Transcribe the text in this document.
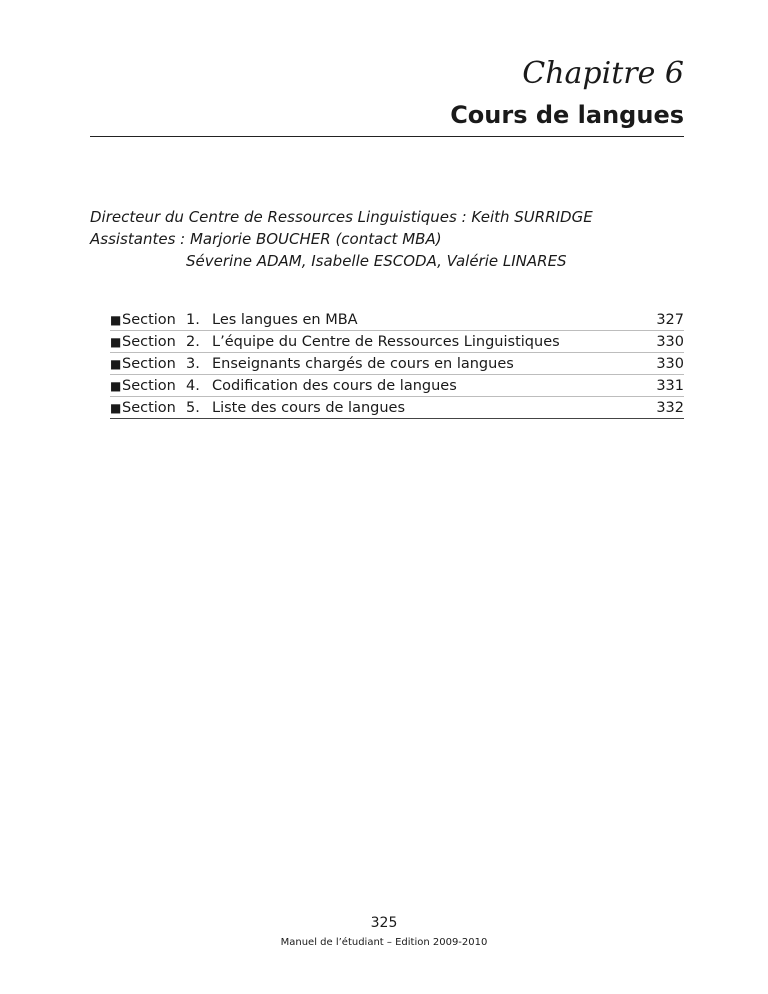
Chapitre 6
Cours de langues
Directeur du Centre de Ressources Linguistiques : Keith SURRIDGE
Assistantes : Marjorie BOUCHER (contact MBA)
Séverine ADAM, Isabelle ESCODA, Valérie LINARES
■ Section 1. Les langues en MBA	327
■ Section 2. L’équipe du Centre de Ressources Linguistiques	330
■ Section 3. Enseignants chargés de cours en langues	330
■ Section 4. Codification des cours de langues	331
■ Section 5. Liste des cours de langues	332
325
Manuel de l’étudiant – Edition 2009-2010
